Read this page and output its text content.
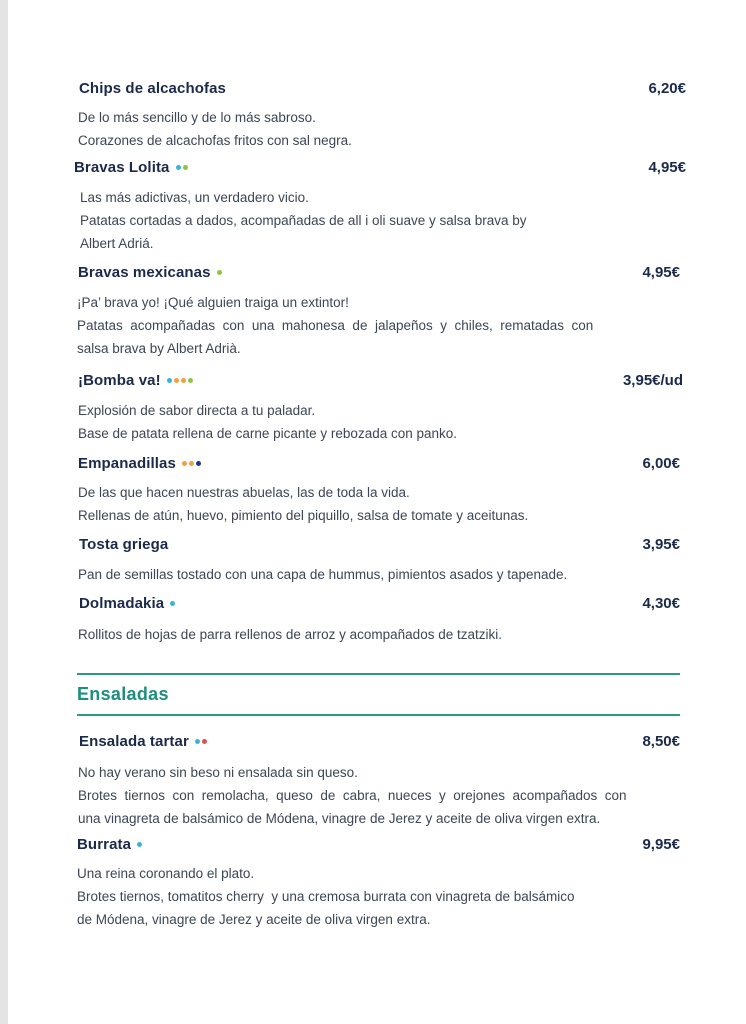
Ensaladas
Chips de alcachofas	6,20€
De lo más sencillo y de lo más sabroso.
Corazones de alcachofas fritos con sal negra.
Bravas Lolita	4,95€
Las más adictivas, un verdadero vicio.
Patatas cortadas a dados, acompañadas de all i oli suave y salsa brava by
Albert Adriá.
Bravas mexicanas	4,95€
¡Pa’ brava yo! ¡Qué alguien traiga un extintor!
Patatas  acompañadas  con  una  mahonesa  de  jalapeños  y  chiles,  rematadas  con
salsa brava by Albert Adrià.
¡Bomba va!	3,95€/ud
Explosión de sabor directa a tu paladar.
Base de patata rellena de carne picante y rebozada con panko.
Empanadillas	6,00€
De las que hacen nuestras abuelas, las de toda la vida.
Rellenas de atún, huevo, pimiento del piquillo, salsa de tomate y aceitunas.
Tosta griega	3,95€
Pan de semillas tostado con una capa de hummus, pimientos asados y tapenade.
Dolmadakia	4,30€
Rollitos de hojas de parra rellenos de arroz y acompañados de tzatziki.
Ensalada tartar	8,50€
No hay verano sin beso ni ensalada sin queso.
Brotes  tiernos  con  remolacha,  queso  de  cabra,  nueces  y  orejones  acompañados  con
una vinagreta de balsámico de Módena, vinagre de Jerez y aceite de oliva virgen extra.
Burrata	9,95€
Una reina coronando el plato.
Brotes tiernos, tomatitos cherry  y una cremosa burrata con vinagreta de balsámico
de Módena, vinagre de Jerez y aceite de oliva virgen extra.
